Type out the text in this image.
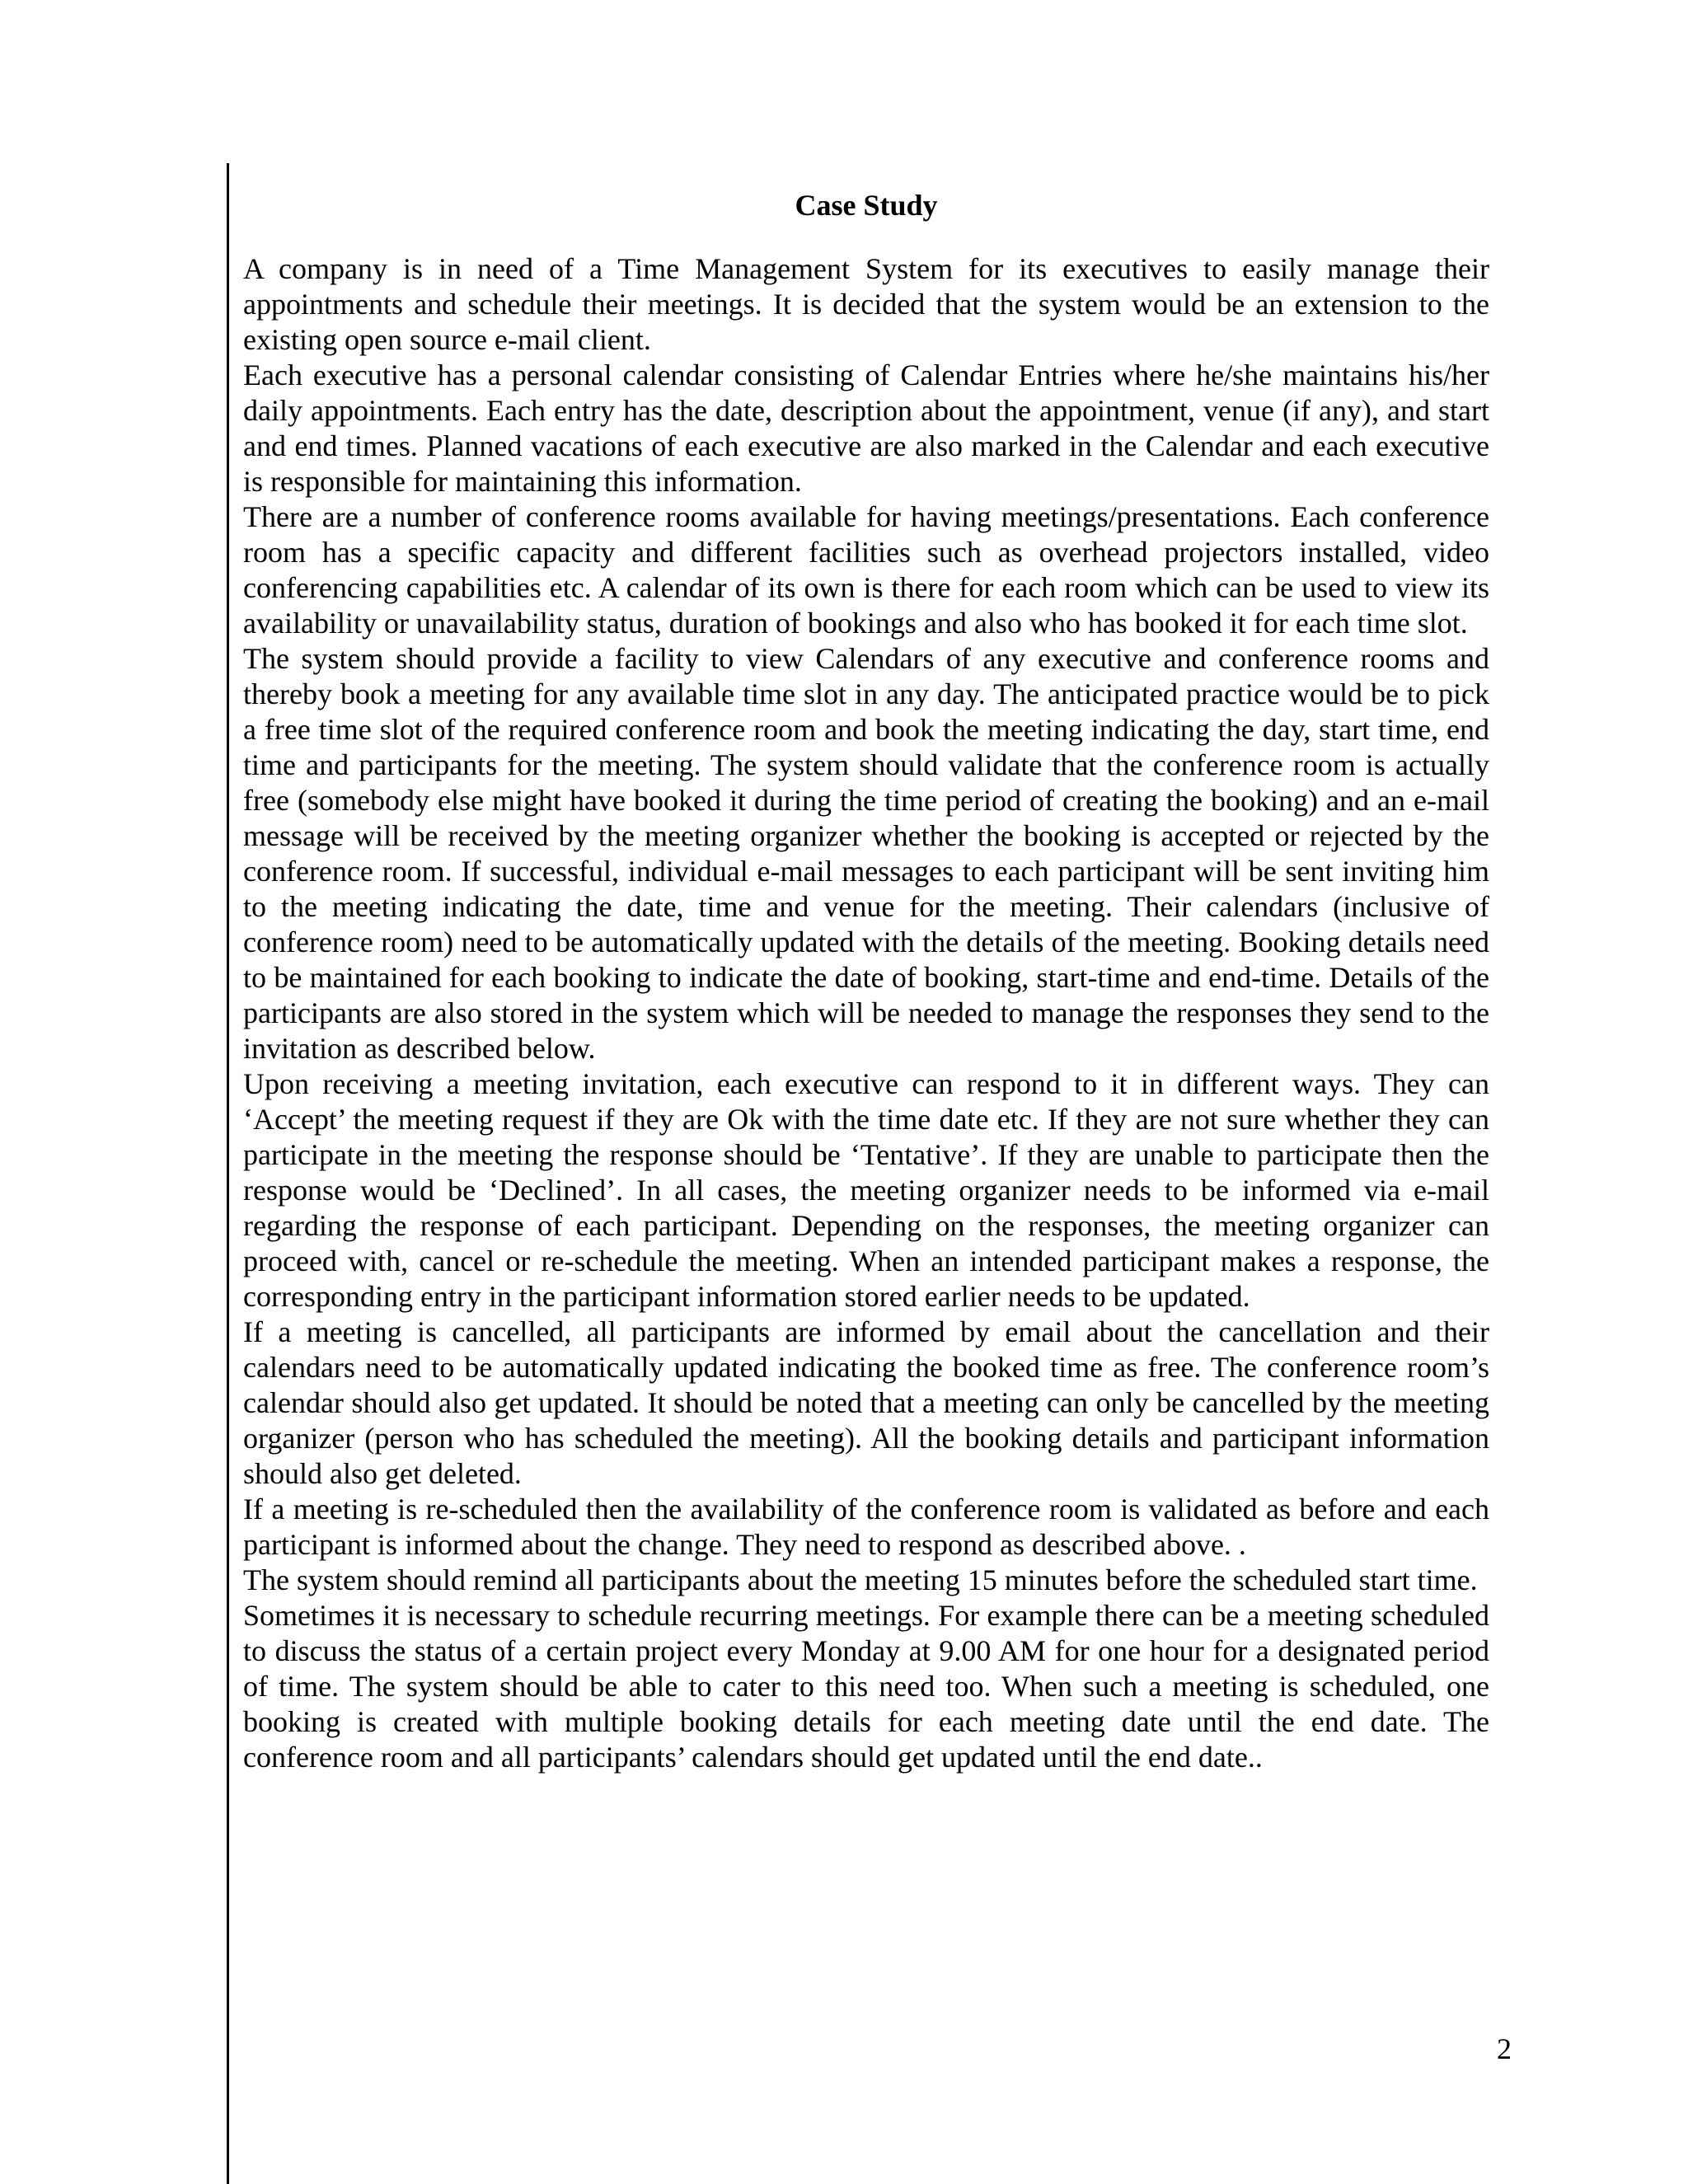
Case Study

A company is in need of a Time Management System for its executives to easily manage their appointments and schedule their meetings. It is decided that the system would be an extension to the existing open source e-mail client.

Each executive has a personal calendar consisting of Calendar Entries where he/she maintains his/her daily appointments. Each entry has the date, description about the appointment, venue (if any), and start and end times. Planned vacations of each executive are also marked in the Calendar and each executive is responsible for maintaining this information.

There are a number of conference rooms available for having meetings/presentations. Each conference room has a specific capacity and different facilities such as overhead projectors installed, video conferencing capabilities etc. A calendar of its own is there for each room which can be used to view its availability or unavailability status, duration of bookings and also who has booked it for each time slot.

The system should provide a facility to view Calendars of any executive and conference rooms and thereby book a meeting for any available time slot in any day. The anticipated practice would be to pick a free time slot of the required conference room and book the meeting indicating the day, start time, end time and participants for the meeting. The system should validate that the conference room is actually free (somebody else might have booked it during the time period of creating the booking) and an e-mail message will be received by the meeting organizer whether the booking is accepted or rejected by the conference room. If successful, individual e-mail messages to each participant will be sent inviting him to the meeting indicating the date, time and venue for the meeting. Their calendars (inclusive of conference room) need to be automatically updated with the details of the meeting. Booking details need to be maintained for each booking to indicate the date of booking, start-time and end-time. Details of the participants are also stored in the system which will be needed to manage the responses they send to the invitation as described below.

Upon receiving a meeting invitation, each executive can respond to it in different ways. They can ‘Accept’ the meeting request if they are Ok with the time date etc. If they are not sure whether they can participate in the meeting the response should be ‘Tentative’. If they are unable to participate then the response would be ‘Declined’. In all cases, the meeting organizer needs to be informed via e-mail regarding the response of each participant. Depending on the responses, the meeting organizer can proceed with, cancel or re-schedule the meeting. When an intended participant makes a response, the corresponding entry in the participant information stored earlier needs to be updated.

If a meeting is cancelled, all participants are informed by email about the cancellation and their calendars need to be automatically updated indicating the booked time as free. The conference room’s calendar should also get updated. It should be noted that a meeting can only be cancelled by the meeting organizer (person who has scheduled the meeting). All the booking details and participant information should also get deleted.

If a meeting is re-scheduled then the availability of the conference room is validated as before and each participant is informed about the change. They need to respond as described above. .

The system should remind all participants about the meeting 15 minutes before the scheduled start time.

Sometimes it is necessary to schedule recurring meetings. For example there can be a meeting scheduled to discuss the status of a certain project every Monday at 9.00 AM for one hour for a designated period of time. The system should be able to cater to this need too. When such a meeting is scheduled, one booking is created with multiple booking details for each meeting date until the end date. The conference room and all participants’ calendars should get updated until the end date..

2
